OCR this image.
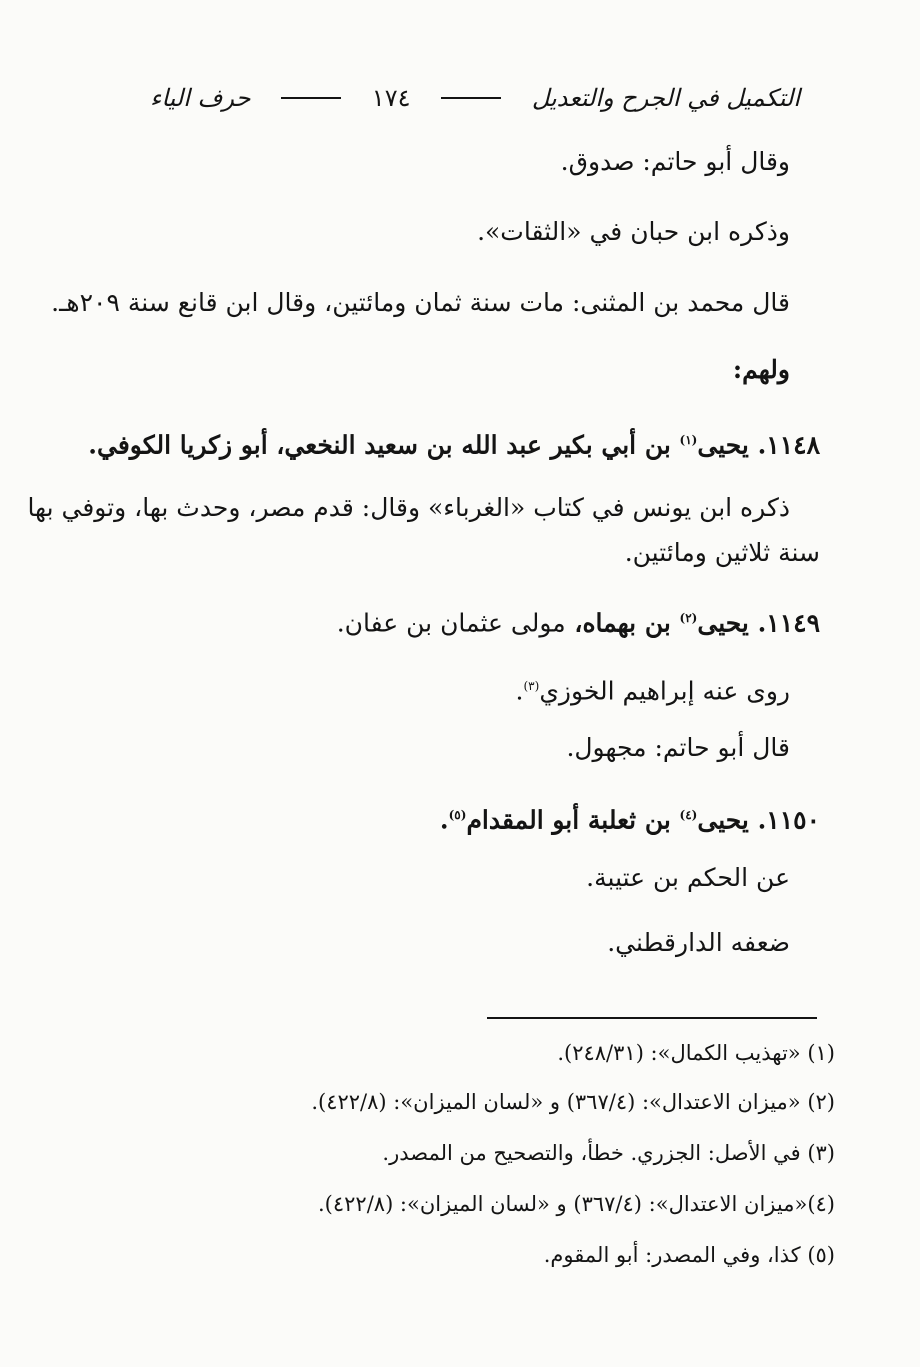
التكميل في الجرح والتعديل
١٧٤
حرف الياء
وقال أبو حاتم: صدوق.
وذكره ابن حبان في «الثقات».
قال محمد بن المثنى: مات سنة ثمان ومائتين، وقال ابن قانع سنة ٢٠٩هـ.
ولهم:
١١٤٨. يحيى$^{(١)}$ بن أبي بكير عبد الله بن سعيد النخعي، أبو زكريا الكوفي.
ذكره ابن يونس في كتاب «الغرباء» وقال: قدم مصر، وحدث بها، وتوفي بها
سنة ثلاثين ومائتين.
١١٤٩. يحيى$^{(٢)}$ بن بهماه، مولى عثمان بن عفان.
روى عنه إبراهيم الخوزي$^{(٣)}$.
قال أبو حاتم: مجهول.
١١٥٠. يحيى$^{(٤)}$ بن ثعلبة أبو المقدام$^{(٥)}$.
عن الحكم بن عتيبة.
ضعفه الدارقطني.
(١) «تهذيب الكمال»: (٢٤٨/٣١).
(٢) «ميزان الاعتدال»: (٣٦٧/٤) و «لسان الميزان»: (٤٢٢/٨).
(٣) في الأصل: الجزري. خطأ، والتصحيح من المصدر.
(٤)«ميزان الاعتدال»: (٣٦٧/٤) و «لسان الميزان»: (٤٢٢/٨).
(٥) كذا، وفي المصدر: أبو المقوم.
